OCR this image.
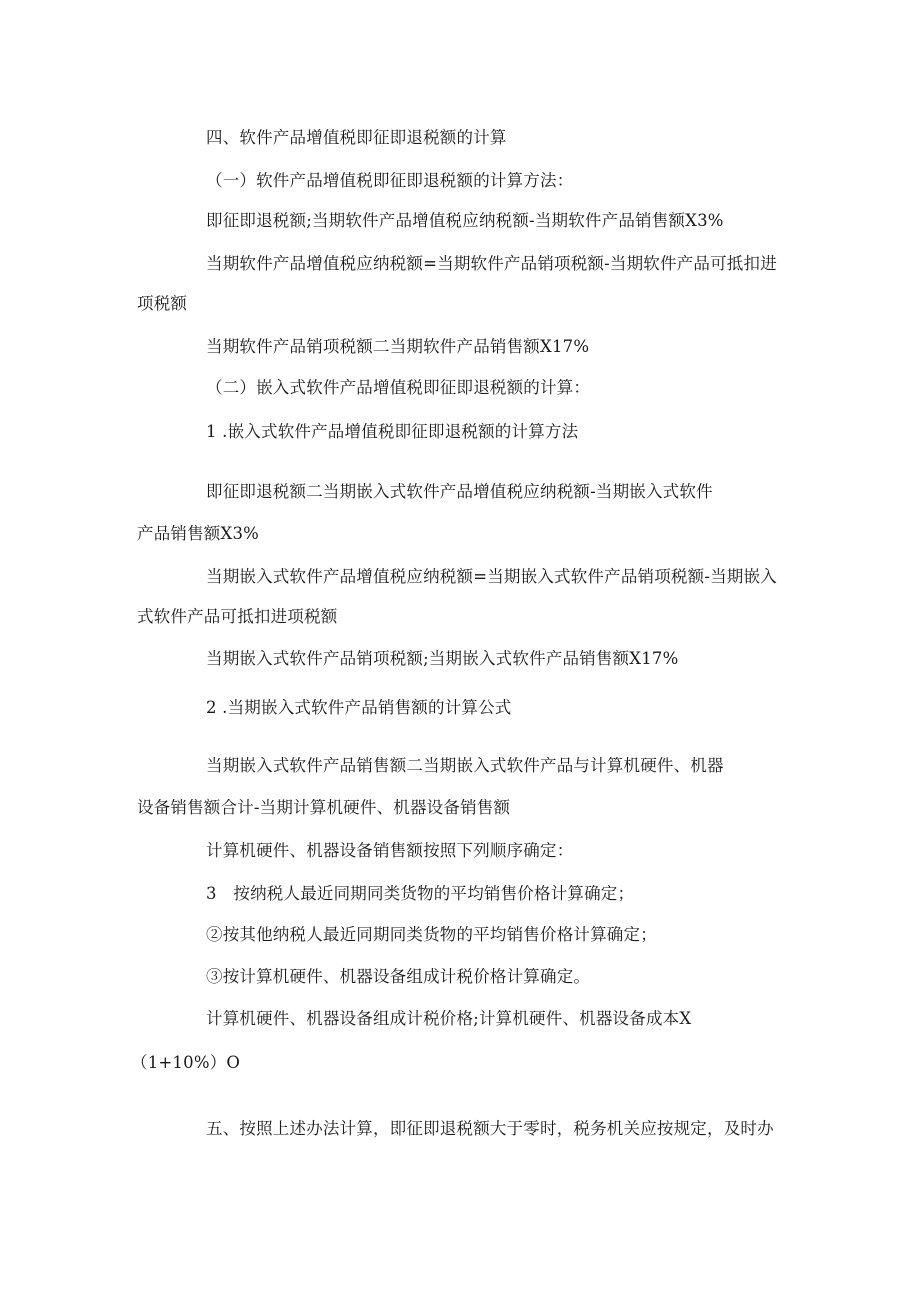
四、软件产品增值税即征即退税额的计算
（一）软件产品增值税即征即退税额的计算方法：
即征即退税额;当期软件产品增值税应纳税额-当期软件产品销售额X3%
当期软件产品增值税应纳税额=当期软件产品销项税额-当期软件产品可抵扣进
项税额
当期软件产品销项税额二当期软件产品销售额X17%
（二）嵌入式软件产品增值税即征即退税额的计算：
1 .嵌入式软件产品增值税即征即退税额的计算方法
即征即退税额二当期嵌入式软件产品增值税应纳税额-当期嵌入式软件
产品销售额X3%
当期嵌入式软件产品增值税应纳税额=当期嵌入式软件产品销项税额-当期嵌入
式软件产品可抵扣进项税额
当期嵌入式软件产品销项税额;当期嵌入式软件产品销售额X17%
2 .当期嵌入式软件产品销售额的计算公式
当期嵌入式软件产品销售额二当期嵌入式软件产品与计算机硬件、机器
设备销售额合计-当期计算机硬件、机器设备销售额
计算机硬件、机器设备销售额按照下列顺序确定：
3　按纳税人最近同期同类货物的平均销售价格计算确定；
②按其他纳税人最近同期同类货物的平均销售价格计算确定；
③按计算机硬件、机器设备组成计税价格计算确定。
计算机硬件、机器设备组成计税价格;计算机硬件、机器设备成本X
（1+10%）O
五、按照上述办法计算，即征即退税额大于零时，税务机关应按规定，及时办
